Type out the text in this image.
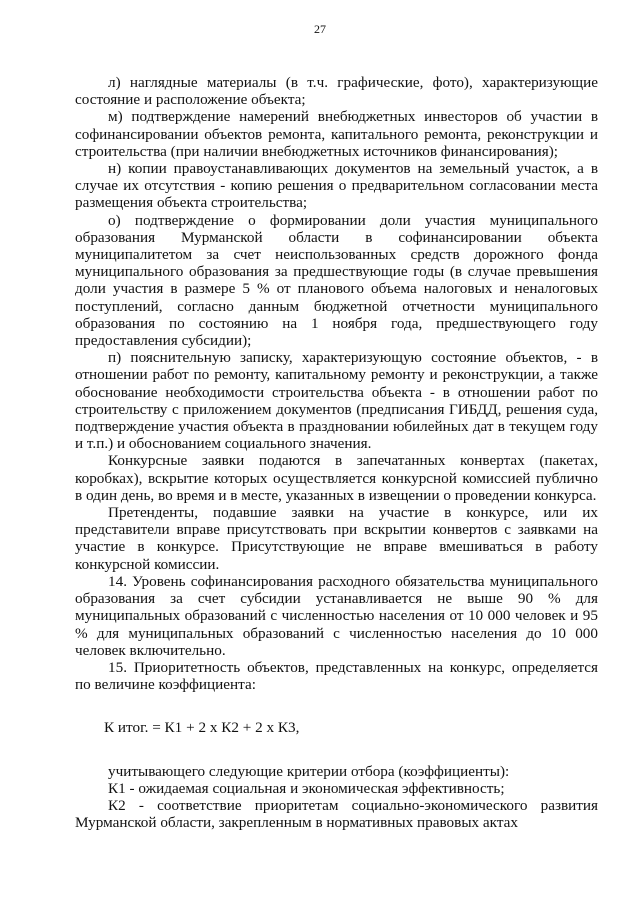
27

л) наглядные материалы (в т.ч. графические, фото), характеризующие состояние и расположение объекта;

м) подтверждение намерений внебюджетных инвесторов об участии в софинансировании объектов ремонта, капитального ремонта, реконструкции и строительства (при наличии внебюджетных источников финансирования);

н) копии правоустанавливающих документов на земельный участок, а в случае их отсутствия - копию решения о предварительном согласовании места размещения объекта строительства;

о) подтверждение о формировании доли участия муниципального образования Мурманской области в софинансировании объекта муниципалитетом за счет неиспользованных средств дорожного фонда муниципального образования за предшествующие годы (в случае превышения доли участия в размере 5 % от планового объема налоговых и неналоговых поступлений, согласно данным бюджетной отчетности муниципального образования по состоянию на 1 ноября года, предшествующего году предоставления субсидии);

п) пояснительную записку, характеризующую состояние объектов, - в отношении работ по ремонту, капитальному ремонту и реконструкции, а также обоснование необходимости строительства объекта - в отношении работ по строительству с приложением документов (предписания ГИБДД, решения суда, подтверждение участия объекта в праздновании юбилейных дат в текущем году и т.п.) и обоснованием социального значения.

Конкурсные заявки подаются в запечатанных конвертах (пакетах, коробках), вскрытие которых осуществляется конкурсной комиссией публично в один день, во время и в месте, указанных в извещении о проведении конкурса.

Претенденты, подавшие заявки на участие в конкурсе, или их представители вправе присутствовать при вскрытии конвертов с заявками на участие в конкурсе. Присутствующие не вправе вмешиваться в работу конкурсной комиссии.

14. Уровень софинансирования расходного обязательства муниципального образования за счет субсидии устанавливается не выше 90 % для муниципальных образований с численностью населения от 10 000 человек и 95 % для муниципальных образований с численностью населения до 10 000 человек включительно.

15. Приоритетность объектов, представленных на конкурс, определяется по величине коэффициента:

К итог. = К1 + 2 х К2 + 2 х К3,

учитывающего следующие критерии отбора (коэффициенты):

К1 - ожидаемая социальная и экономическая эффективность;

К2 - соответствие приоритетам социально-экономического развития Мурманской области, закрепленным в нормативных правовых актах
